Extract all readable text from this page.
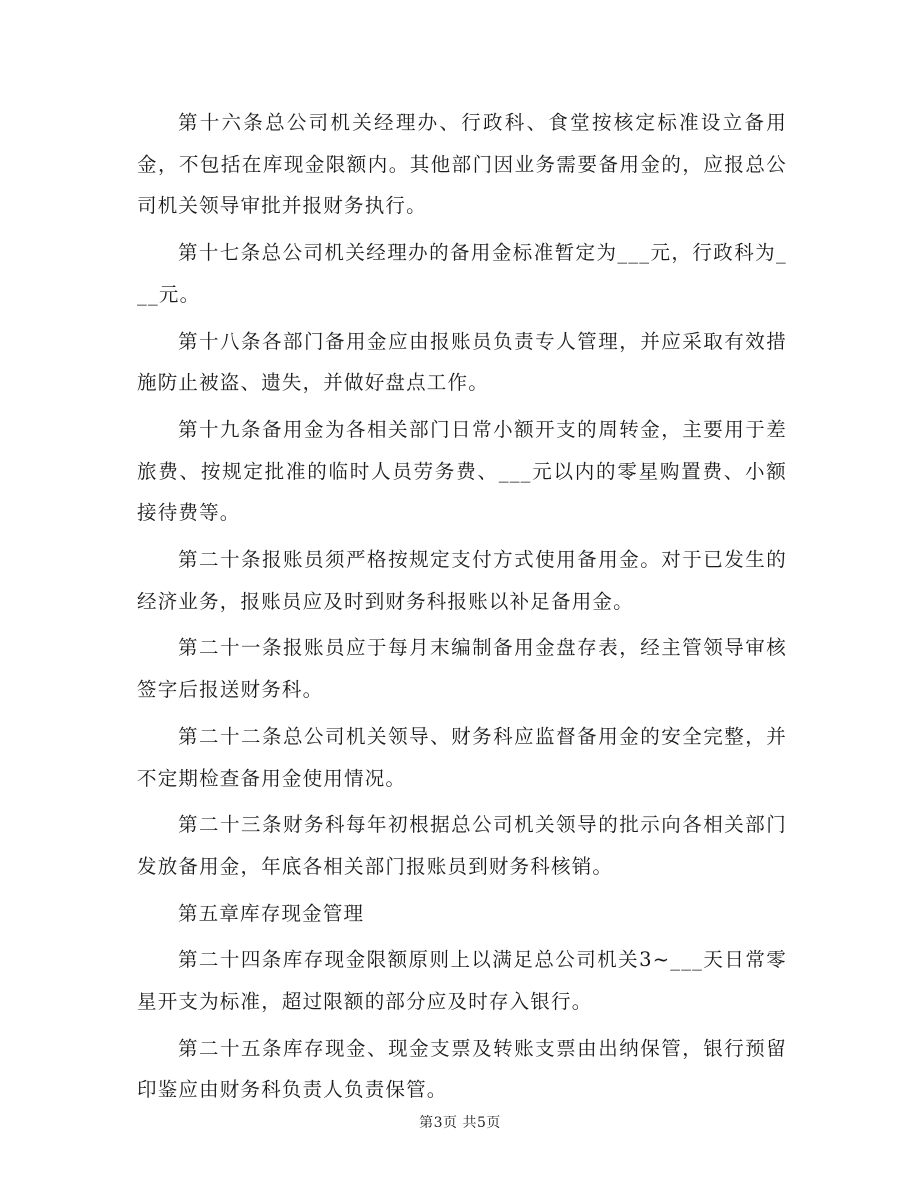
第十六条总公司机关经理办、行政科、食堂按核定标准设立备用金，不包括在库现金限额内。其他部门因业务需要备用金的，应报总公司机关领导审批并报财务执行。

第十七条总公司机关经理办的备用金标准暂定为___元，行政科为___元。

第十八条各部门备用金应由报账员负责专人管理，并应采取有效措施防止被盗、遗失，并做好盘点工作。

第十九条备用金为各相关部门日常小额开支的周转金，主要用于差旅费、按规定批准的临时人员劳务费、___元以内的零星购置费、小额接待费等。

第二十条报账员须严格按规定支付方式使用备用金。对于已发生的经济业务，报账员应及时到财务科报账以补足备用金。

第二十一条报账员应于每月末编制备用金盘存表，经主管领导审核签字后报送财务科。

第二十二条总公司机关领导、财务科应监督备用金的安全完整，并不定期检查备用金使用情况。

第二十三条财务科每年初根据总公司机关领导的批示向各相关部门发放备用金，年底各相关部门报账员到财务科核销。

第五章库存现金管理

第二十四条库存现金限额原则上以满足总公司机关3~___天日常零星开支为标准，超过限额的部分应及时存入银行。

第二十五条库存现金、现金支票及转账支票由出纳保管，银行预留印鉴应由财务科负责人负责保管。

第3页 共5页
